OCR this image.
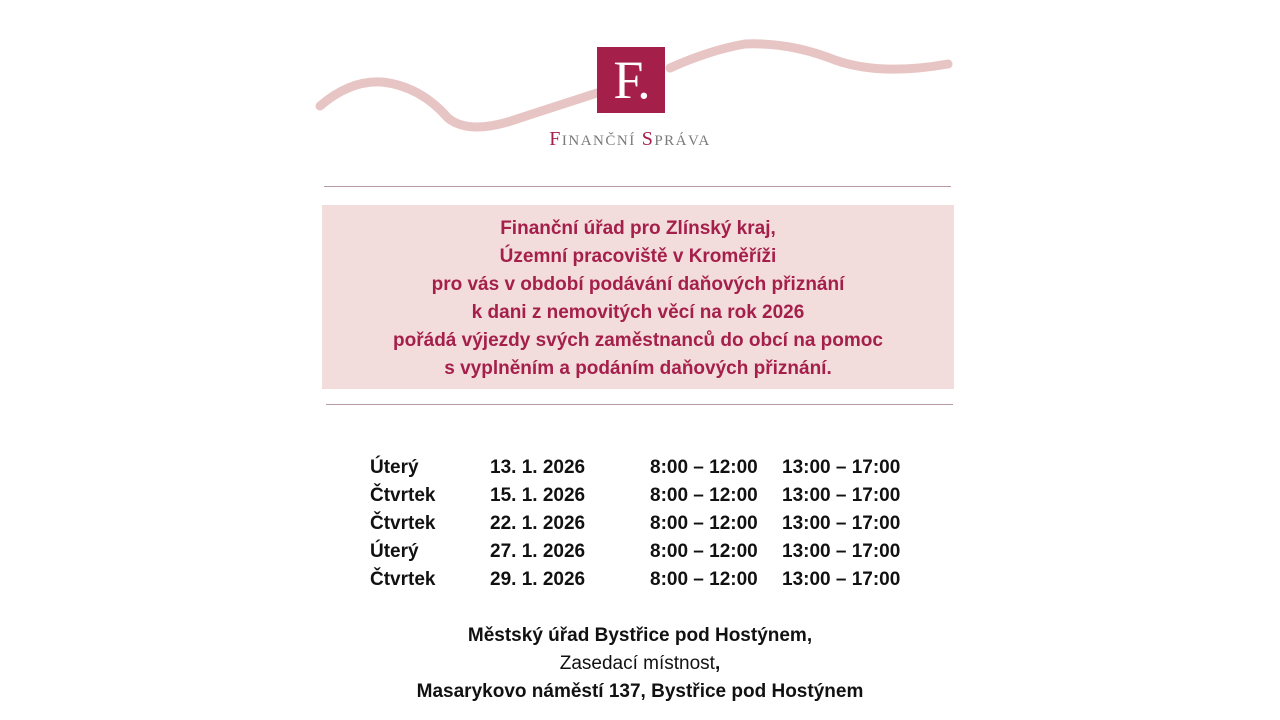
F.
FINANČNÍ SPRÁVA
Finanční úřad pro Zlínský kraj,
Územní pracoviště v Kroměříži
pro vás v období podávání daňových přiznání
k dani z nemovitých věcí na rok 2026
pořádá výjezdy svých zaměstnanců do obcí na pomoc
s vyplněním a podáním daňových přiznání.
Úterý	13. 1. 2026	8:00 – 12:00	13:00 – 17:00
Čtvrtek	15. 1. 2026	8:00 – 12:00	13:00 – 17:00
Čtvrtek	22. 1. 2026	8:00 – 12:00	13:00 – 17:00
Úterý	27. 1. 2026	8:00 – 12:00	13:00 – 17:00
Čtvrtek	29. 1. 2026	8:00 – 12:00	13:00 – 17:00
Městský úřad Bystřice pod Hostýnem,
Zasedací místnost,
Masarykovo náměstí 137, Bystřice pod Hostýnem
